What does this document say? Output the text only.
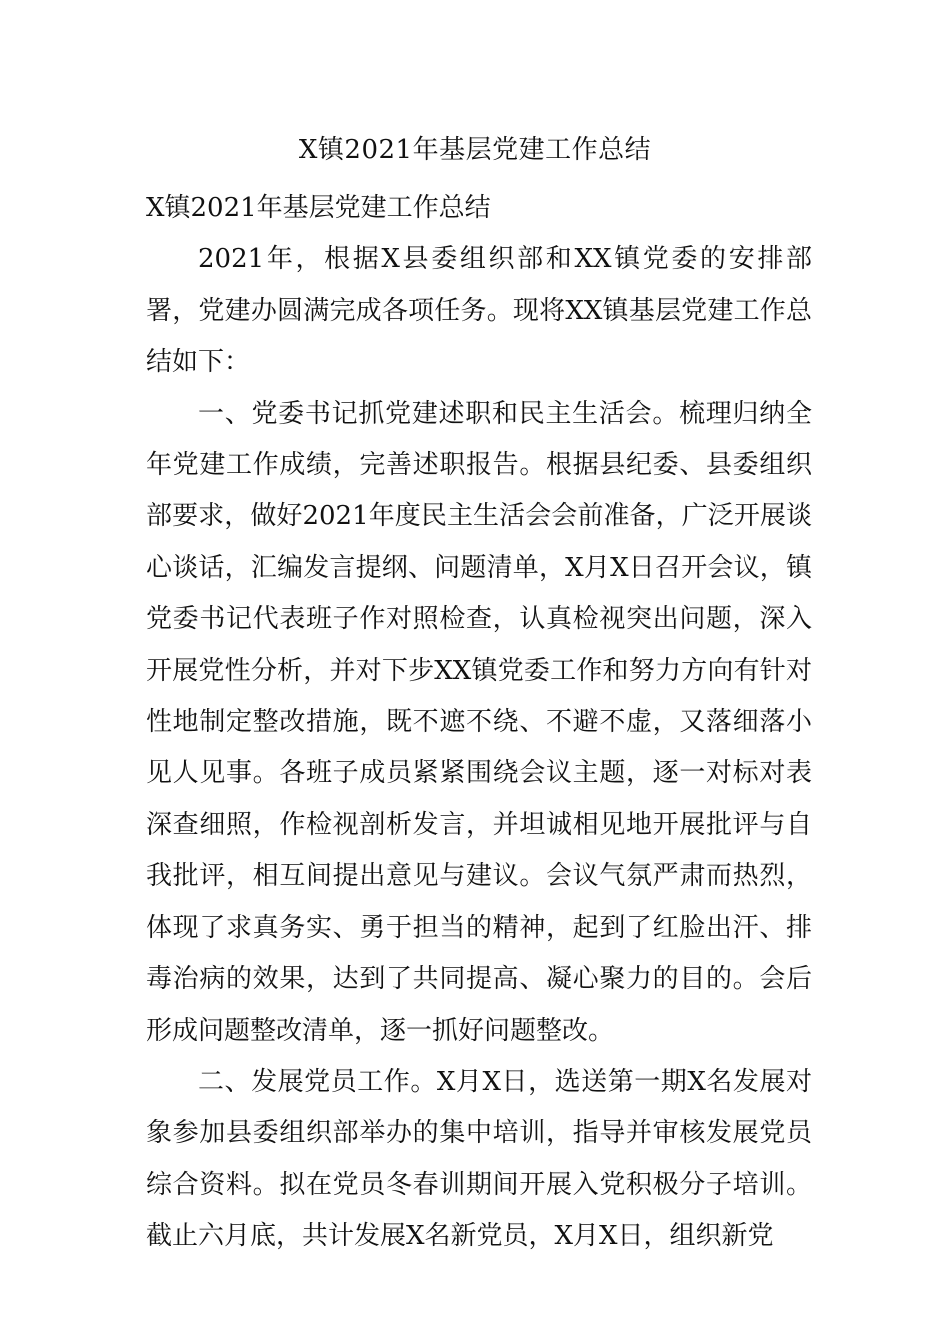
X镇2021年基层党建工作总结

X镇2021年基层党建工作总结

2021年，根据X县委组织部和XX镇党委的安排部署，党建办圆满完成各项任务。现将XX镇基层党建工作总结如下：

一、党委书记抓党建述职和民主生活会。梳理归纳全年党建工作成绩，完善述职报告。根据县纪委、县委组织部要求，做好2021年度民主生活会会前准备，广泛开展谈心谈话，汇编发言提纲、问题清单，X月X日召开会议，镇党委书记代表班子作对照检查，认真检视突出问题，深入开展党性分析，并对下步XX镇党委工作和努力方向有针对性地制定整改措施，既不遮不绕、不避不虚，又落细落小见人见事。各班子成员紧紧围绕会议主题，逐一对标对表深查细照，作检视剖析发言，并坦诚相见地开展批评与自我批评，相互间提出意见与建议。会议气氛严肃而热烈，体现了求真务实、勇于担当的精神，起到了红脸出汗、排毒治病的效果，达到了共同提高、凝心聚力的目的。会后形成问题整改清单，逐一抓好问题整改。

二、发展党员工作。X月X日，选送第一期X名发展对象参加县委组织部举办的集中培训，指导并审核发展党员综合资料。拟在党员冬春训期间开展入党积极分子培训。截止六月底，共计发展X名新党员，X月X日，组织新党
